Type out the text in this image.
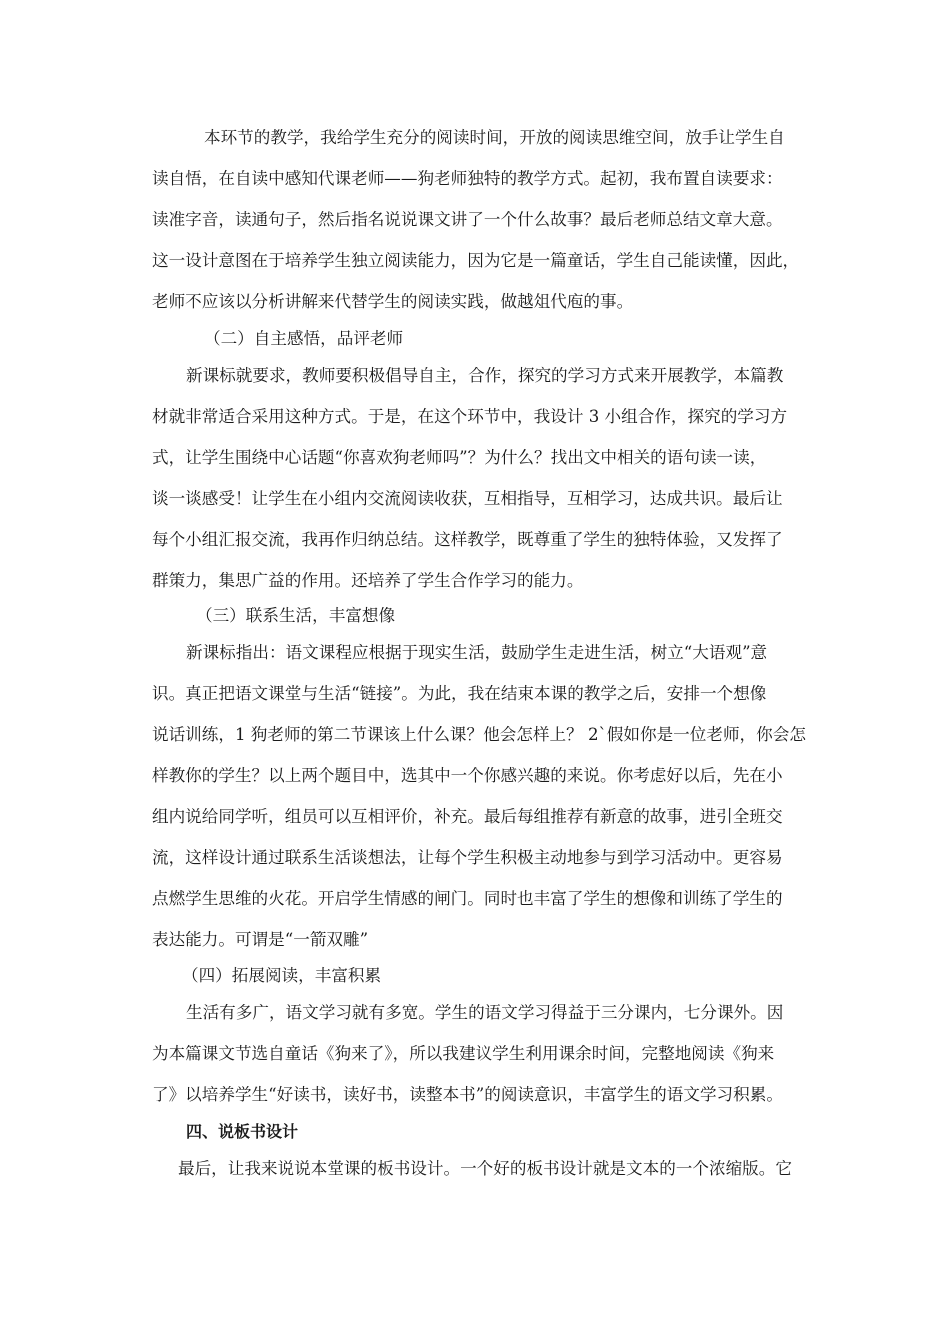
本环节的教学，我给学生充分的阅读时间，开放的阅读思维空间，放手让学生自
读自悟，在自读中感知代课老师——狗老师独特的教学方式。起初，我布置自读要求：
读准字音，读通句子，然后指名说说课文讲了一个什么故事？最后老师总结文章大意。
这一设计意图在于培养学生独立阅读能力，因为它是一篇童话，学生自己能读懂，因此，
老师不应该以分析讲解来代替学生的阅读实践，做越俎代庖的事。
（二）自主感悟，品评老师
新课标就要求，教师要积极倡导自主，合作，探究的学习方式来开展教学，本篇教
材就非常适合采用这种方式。于是，在这个环节中，我设计 3 小组合作，探究的学习方
式，让学生围绕中心话题“你喜欢狗老师吗”？为什么？找出文中相关的语句读一读，
谈一谈感受！让学生在小组内交流阅读收获，互相指导，互相学习，达成共识。最后让
每个小组汇报交流，我再作归纳总结。这样教学，既尊重了学生的独特体验，又发挥了
群策力，集思广益的作用。还培养了学生合作学习的能力。
（三）联系生活，丰富想像
新课标指出：语文课程应根据于现实生活，鼓励学生走进生活，树立“大语观”意
识。真正把语文课堂与生活“链接”。为此，我在结束本课的教学之后，安排一个想像
说话训练，1 狗老师的第二节课该上什么课？他会怎样上？ 2`假如你是一位老师，你会怎
样教你的学生？以上两个题目中，选其中一个你感兴趣的来说。你考虑好以后，先在小
组内说给同学听，组员可以互相评价，补充。最后每组推荐有新意的故事，进引全班交
流，这样设计通过联系生活谈想法，让每个学生积极主动地参与到学习活动中。更容易
点燃学生思维的火花。开启学生情感的闸门。同时也丰富了学生的想像和训练了学生的
表达能力。可谓是“一箭双雕”
（四）拓展阅读，丰富积累
生活有多广，语文学习就有多宽。学生的语文学习得益于三分课内，七分课外。因
为本篇课文节选自童话《狗来了》，所以我建议学生利用课余时间，完整地阅读《狗来
了》以培养学生“好读书，读好书，读整本书”的阅读意识，丰富学生的语文学习积累。
四、说板书设计
最后，让我来说说本堂课的板书设计。一个好的板书设计就是文本的一个浓缩版。它
